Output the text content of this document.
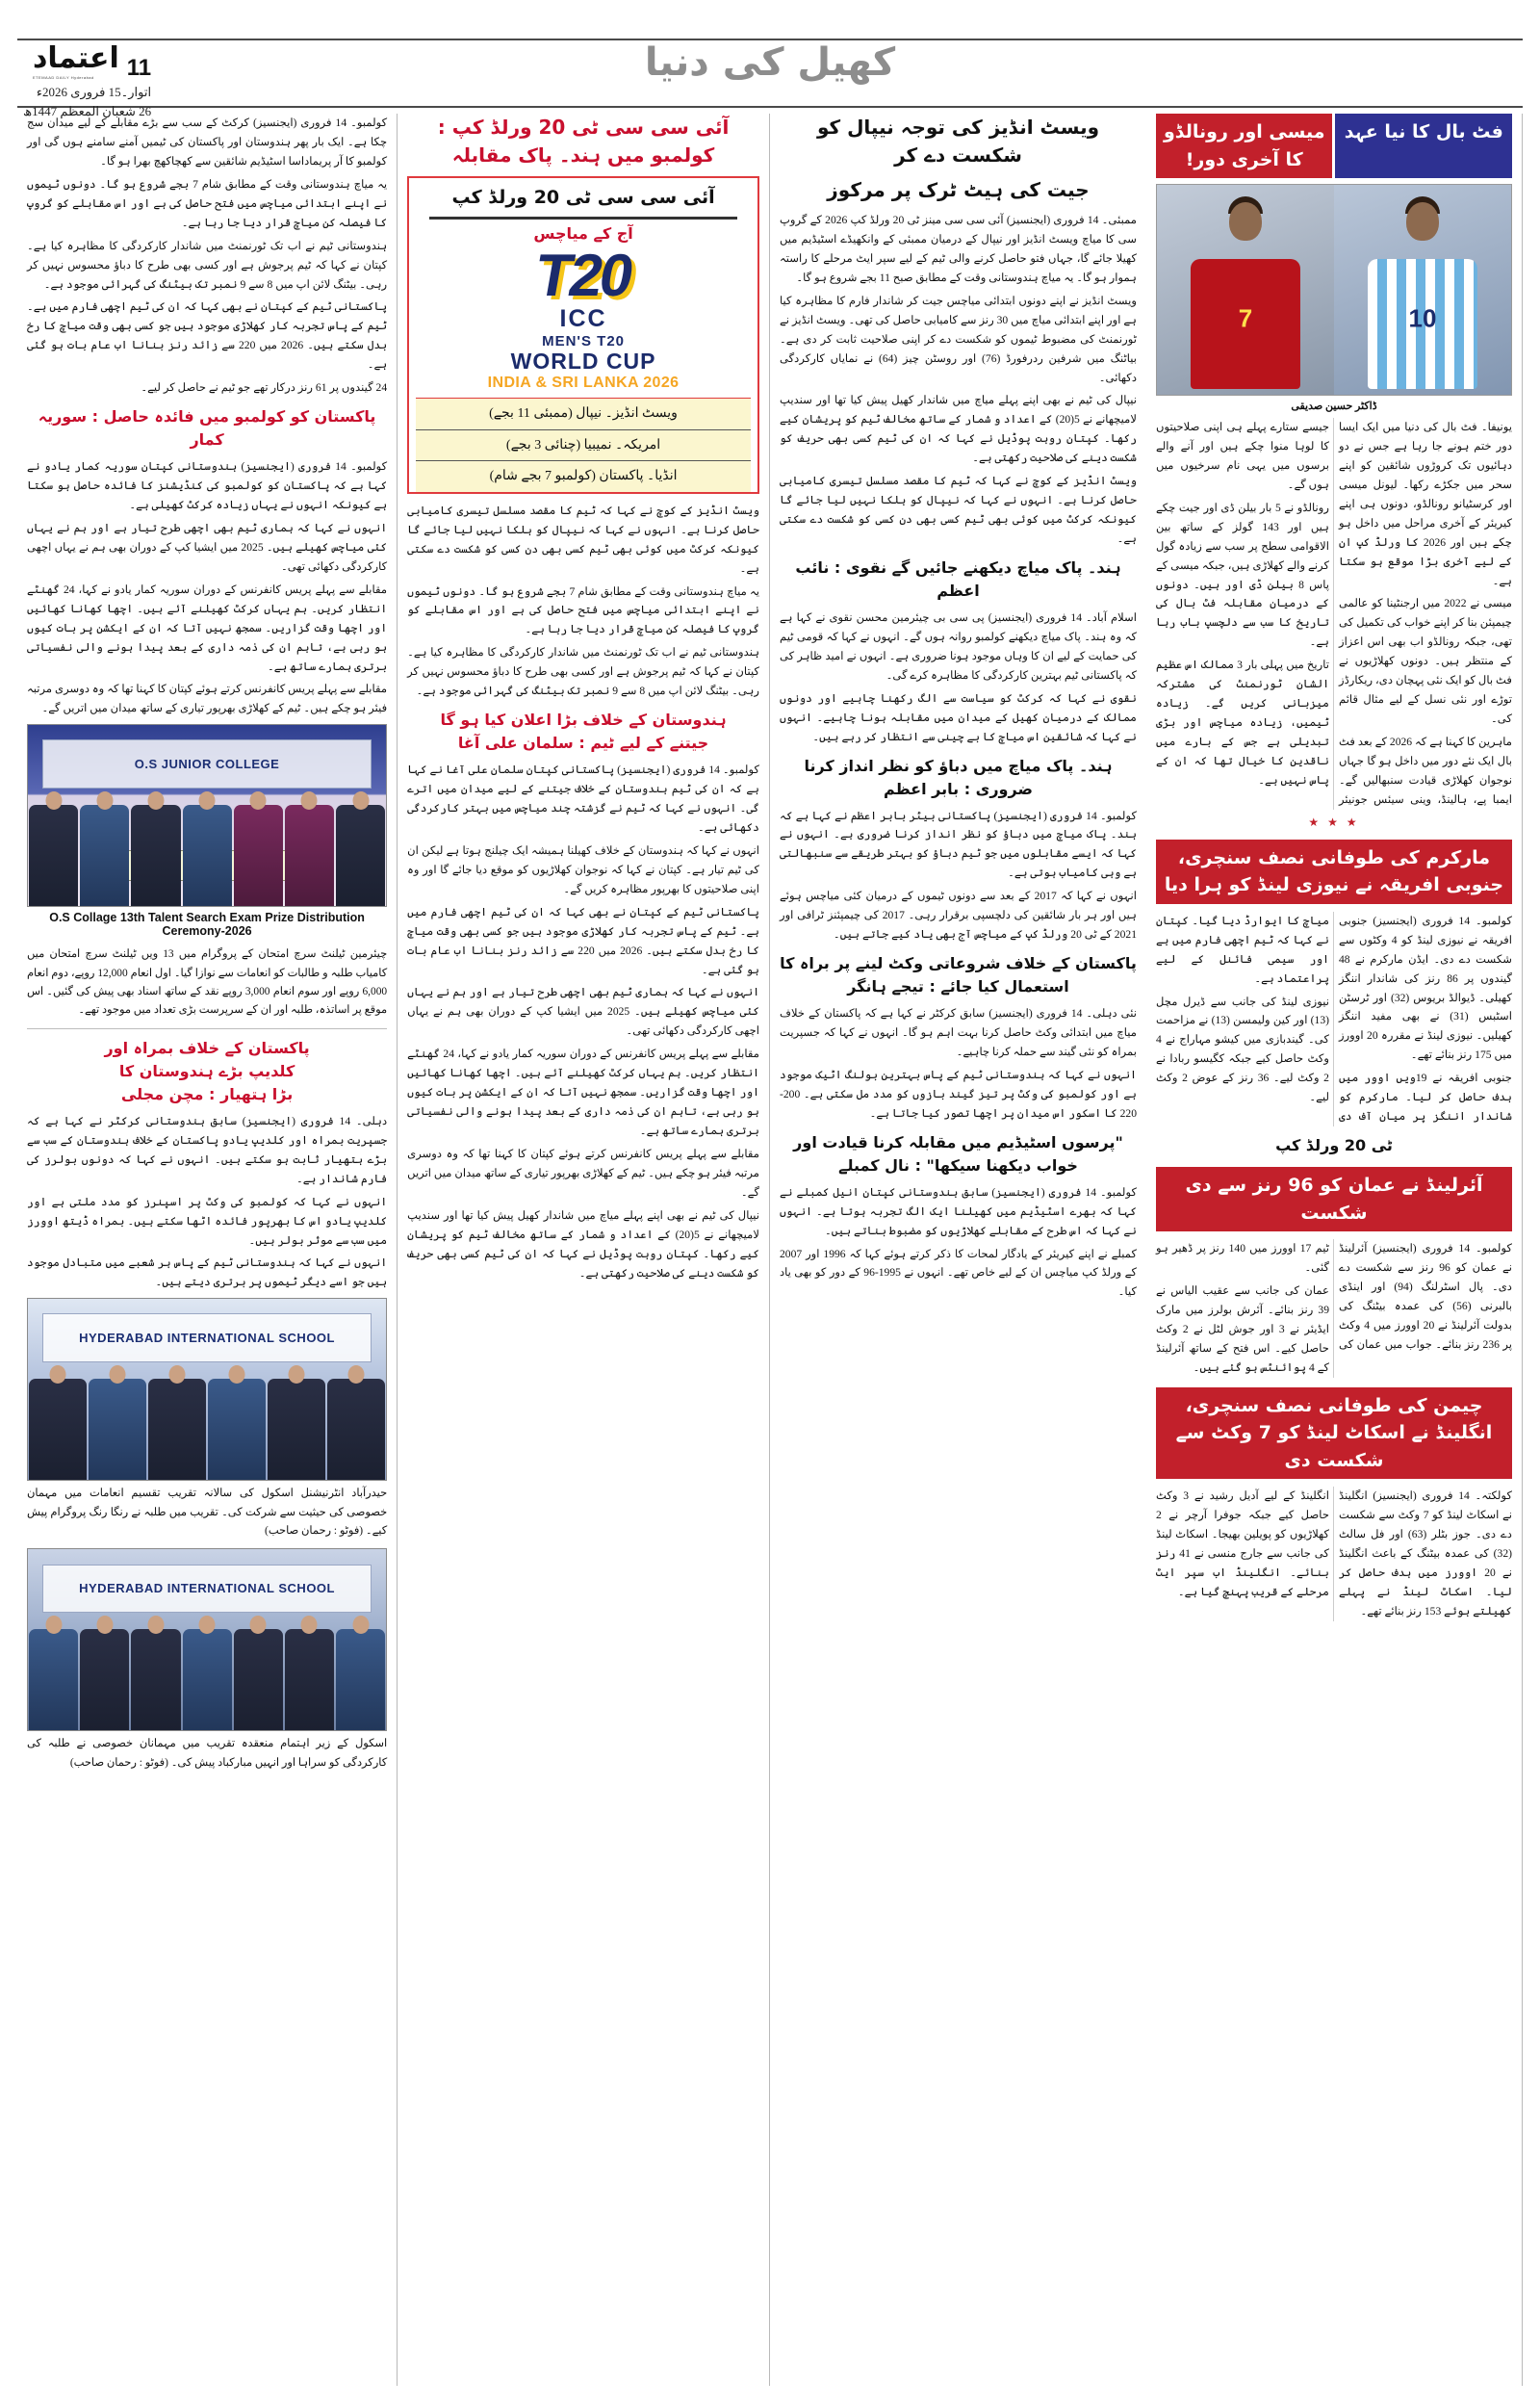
11
اعتماد
ETEMAAD DAILY Hyderabad
اتوار۔15 فروری 2026ء
26 شعبان المعظم 1447ھ
کھیل کی دنیا

کولمبو۔ 14 فروری (ایجنسیز) کرکٹ کے سب سے بڑے مقابلے کے لیے میدان سج چکا ہے۔ ایک بار پھر ہندوستان اور پاکستان کی ٹیمیں آمنے سامنے ہوں گی اور کولمبو کا آر پریماداسا اسٹیڈیم شائقین سے کھچاکھچ بھرا ہو گا۔

یہ میاچ ہندوستانی وقت کے مطابق شام 7 بجے شروع ہو گا۔ دونوں ٹیموں نے اپنے ابتدائی میاچس میں فتح حاصل کی ہے اور اس مقابلے کو گروپ کا فیصلہ کن میاچ قرار دیا جا رہا ہے۔

ہندوستانی ٹیم نے اب تک ٹورنمنٹ میں شاندار کارکردگی کا مظاہرہ کیا ہے۔ کپتان نے کہا کہ ٹیم پرجوش ہے اور کسی بھی طرح کا دباؤ محسوس نہیں کر رہی۔ بیٹنگ لائن اپ میں 8 سے 9 نمبر تک بیٹنگ کی گہرائی موجود ہے۔

پاکستانی ٹیم کے کپتان نے بھی کہا کہ ان کی ٹیم اچھی فارم میں ہے۔ ٹیم کے پاس تجربہ کار کھلاڑی موجود ہیں جو کسی بھی وقت میاچ کا رخ بدل سکتے ہیں۔ 2026 میں 220 سے زائد رنز بنانا اب عام بات ہو گئی ہے۔

24 گیندوں پر 61 رنز درکار تھے جو ٹیم نے حاصل کر لیے۔

پاکستان کو کولمبو میں فائدہ حاصل : سوریہ کمار

کولمبو۔ 14 فروری (ایجنسیز) ہندوستانی کپتان سوریہ کمار یادو نے کہا ہے کہ پاکستان کو کولمبو کی کنڈیشنز کا فائدہ حاصل ہو سکتا ہے کیونکہ انہوں نے یہاں زیادہ کرکٹ کھیلی ہے۔

انہوں نے کہا کہ ہماری ٹیم بھی اچھی طرح تیار ہے اور ہم نے یہاں کئی میاچس کھیلے ہیں۔ 2025 میں ایشیا کپ کے دوران بھی ہم نے یہاں اچھی کارکردگی دکھائی تھی۔

مقابلے سے پہلے پریس کانفرنس کے دوران سوریہ کمار یادو نے کہا، 24 گھنٹے انتظار کریں۔ ہم یہاں کرکٹ کھیلنے آئے ہیں۔ اچھا کھانا کھائیں اور اچھا وقت گزاریں۔ سمجھ نہیں آتا کہ ان کے ایکشن پر بات کیوں ہو رہی ہے، تاہم ان کی ذمہ داری کے بعد پیدا ہونے والی نفسیاتی برتری ہمارے ساتھ ہے۔

مقابلے سے پہلے پریس کانفرنس کرتے ہوئے کپتان کا کہنا تھا کہ وہ دوسری مرتبہ فیئر ہو چکے ہیں۔ ٹیم کے کھلاڑی بھرپور تیاری کے ساتھ میدان میں اتریں گے۔

O.S JUNIOR COLLEGE
O.S Collage 13th Talent Search Exam Prize Distribution Ceremony-2026
چیئرمین ٹیلنٹ سرچ امتحان کے پروگرام میں 13 ویں ٹیلنٹ سرچ امتحان میں کامیاب طلبہ و طالبات کو انعامات سے نوازا گیا۔ اول انعام 12,000 روپے، دوم انعام 6,000 روپے اور سوم انعام 3,000 روپے نقد کے ساتھ اسناد بھی پیش کی گئیں۔ اس موقع پر اساتذہ، طلبہ اور ان کے سرپرست بڑی تعداد میں موجود تھے۔
پاکستان کے خلاف بمراہ اور
کلدیپ بڑے ہندوستان کا
بڑا ہتھیار : مچن مجلی

دہلی۔ 14 فروری (ایجنسیز) سابق ہندوستانی کرکٹر نے کہا ہے کہ جسپریت بمراہ اور کلدیپ یادو پاکستان کے خلاف ہندوستان کے سب سے بڑے ہتھیار ثابت ہو سکتے ہیں۔ انہوں نے کہا کہ دونوں بولرز کی فارم شاندار ہے۔

انہوں نے کہا کہ کولمبو کی وکٹ پر اسپنرز کو مدد ملتی ہے اور کلدیپ یادو اس کا بھرپور فائدہ اٹھا سکتے ہیں۔ بمراہ ڈیتھ اوورز میں سب سے موثر بولر ہیں۔

انہوں نے کہا کہ ہندوستانی ٹیم کے پاس ہر شعبے میں متبادل موجود ہیں جو اسے دیگر ٹیموں پر برتری دیتے ہیں۔

HYDERABAD INTERNATIONAL SCHOOL
حیدرآباد انٹرنیشنل اسکول کی سالانہ تقریب تقسیم انعامات میں مہمان خصوصی کی حیثیت سے شرکت کی۔ تقریب میں طلبہ نے رنگا رنگ پروگرام پیش کیے۔ (فوٹو : رحمان صاحب)
HYDERABAD INTERNATIONAL SCHOOL
اسکول کے زیر اہتمام منعقدہ تقریب میں مہمانان خصوصی نے طلبہ کی کارکردگی کو سراہا اور انہیں مبارکباد پیش کی۔ (فوٹو : رحمان صاحب)
آئی سی سی ٹی 20 ورلڈ کپ : کولمبو میں ہند۔ پاک مقابلہ
آئی سی سی ٹی 20 ورلڈ کپ
آج کے میاچس
T20
ICC
MEN'S T20
WORLD CUP
INDIA & SRI LANKA 2026
ویسٹ انڈیز۔ نیپال (ممبئی 11 بجے)
امریکہ۔ نمیبیا (چنائی 3 بجے)
انڈیا۔ پاکستان (کولمبو 7 بجے شام)

ویسٹ انڈیز کے کوچ نے کہا کہ ٹیم کا مقصد مسلسل تیسری کامیابی حاصل کرنا ہے۔ انہوں نے کہا کہ نیپال کو ہلکا نہیں لیا جائے گا کیونکہ کرکٹ میں کوئی بھی ٹیم کسی بھی دن کسی کو شکست دے سکتی ہے۔

یہ میاچ ہندوستانی وقت کے مطابق شام 7 بجے شروع ہو گا۔ دونوں ٹیموں نے اپنے ابتدائی میاچس میں فتح حاصل کی ہے اور اس مقابلے کو گروپ کا فیصلہ کن میاچ قرار دیا جا رہا ہے۔

ہندوستانی ٹیم نے اب تک ٹورنمنٹ میں شاندار کارکردگی کا مظاہرہ کیا ہے۔ کپتان نے کہا کہ ٹیم پرجوش ہے اور کسی بھی طرح کا دباؤ محسوس نہیں کر رہی۔ بیٹنگ لائن اپ میں 8 سے 9 نمبر تک بیٹنگ کی گہرائی موجود ہے۔

ہندوستان کے خلاف بڑا اعلان کیا ہو گا
جیتنے کے لیے ٹیم : سلمان علی آغا

کولمبو۔ 14 فروری (ایجنسیز) پاکستانی کپتان سلمان علی آغا نے کہا ہے کہ ان کی ٹیم ہندوستان کے خلاف جیتنے کے لیے میدان میں اترے گی۔ انہوں نے کہا کہ ٹیم نے گزشتہ چند میاچس میں بہتر کارکردگی دکھائی ہے۔

انہوں نے کہا کہ ہندوستان کے خلاف کھیلنا ہمیشہ ایک چیلنج ہوتا ہے لیکن ان کی ٹیم تیار ہے۔ کپتان نے کہا کہ نوجوان کھلاڑیوں کو موقع دیا جائے گا اور وہ اپنی صلاحیتوں کا بھرپور مظاہرہ کریں گے۔

پاکستانی ٹیم کے کپتان نے بھی کہا کہ ان کی ٹیم اچھی فارم میں ہے۔ ٹیم کے پاس تجربہ کار کھلاڑی موجود ہیں جو کسی بھی وقت میاچ کا رخ بدل سکتے ہیں۔ 2026 میں 220 سے زائد رنز بنانا اب عام بات ہو گئی ہے۔

انہوں نے کہا کہ ہماری ٹیم بھی اچھی طرح تیار ہے اور ہم نے یہاں کئی میاچس کھیلے ہیں۔ 2025 میں ایشیا کپ کے دوران بھی ہم نے یہاں اچھی کارکردگی دکھائی تھی۔

مقابلے سے پہلے پریس کانفرنس کے دوران سوریہ کمار یادو نے کہا، 24 گھنٹے انتظار کریں۔ ہم یہاں کرکٹ کھیلنے آئے ہیں۔ اچھا کھانا کھائیں اور اچھا وقت گزاریں۔ سمجھ نہیں آتا کہ ان کے ایکشن پر بات کیوں ہو رہی ہے، تاہم ان کی ذمہ داری کے بعد پیدا ہونے والی نفسیاتی برتری ہمارے ساتھ ہے۔

مقابلے سے پہلے پریس کانفرنس کرتے ہوئے کپتان کا کہنا تھا کہ وہ دوسری مرتبہ فیئر ہو چکے ہیں۔ ٹیم کے کھلاڑی بھرپور تیاری کے ساتھ میدان میں اتریں گے۔

نیپال کی ٹیم نے بھی اپنے پہلے میاچ میں شاندار کھیل پیش کیا تھا اور سندیپ لامیچھانے نے 5(20) کے اعداد و شمار کے ساتھ مخالف ٹیم کو پریشان کیے رکھا۔ کپتان روہت پوڈیل نے کہا کہ ان کی ٹیم کسی بھی حریف کو شکست دینے کی صلاحیت رکھتی ہے۔

ویسٹ انڈیز کی توجہ نیپال کو شکست دے کر
جیت کی ہیٹ ٹرک پر مرکوز

ممبئی۔ 14 فروری (ایجنسیز) آئی سی سی مینز ٹی 20 ورلڈ کپ 2026 کے گروپ سی کا میاچ ویسٹ انڈیز اور نیپال کے درمیان ممبئی کے وانکھیڈے اسٹیڈیم میں کھیلا جائے گا، جہاں فتو حاصل کرنے والی ٹیم کے لیے سپر ایٹ مرحلے کا راستہ ہموار ہو گا۔ یہ میاچ ہندوستانی وقت کے مطابق صبح 11 بجے شروع ہو گا۔

ویسٹ انڈیز نے اپنے دونوں ابتدائی میاچس جیت کر شاندار فارم کا مظاہرہ کیا ہے اور اپنے ابتدائی میاچ میں 30 رنز سے کامیابی حاصل کی تھی۔ ویسٹ انڈیز نے ٹورنمنٹ کی مضبوط ٹیموں کو شکست دے کر اپنی صلاحیت ثابت کر دی ہے۔ بیاٹنگ میں شرفین ردرفورڈ (76) اور روسٹن چیز (64) نے نمایاں کارکردگی دکھائی۔

نیپال کی ٹیم نے بھی اپنے پہلے میاچ میں شاندار کھیل پیش کیا تھا اور سندیپ لامیچھانے نے 5(20) کے اعداد و شمار کے ساتھ مخالف ٹیم کو پریشان کیے رکھا۔ کپتان روہت پوڈیل نے کہا کہ ان کی ٹیم کسی بھی حریف کو شکست دینے کی صلاحیت رکھتی ہے۔

ویسٹ انڈیز کے کوچ نے کہا کہ ٹیم کا مقصد مسلسل تیسری کامیابی حاصل کرنا ہے۔ انہوں نے کہا کہ نیپال کو ہلکا نہیں لیا جائے گا کیونکہ کرکٹ میں کوئی بھی ٹیم کسی بھی دن کسی کو شکست دے سکتی ہے۔

ہند۔ پاک میاچ دیکھنے جائیں گے نقوی : نائب اعظم

اسلام آباد۔ 14 فروری (ایجنسیز) پی سی بی چیئرمین محسن نقوی نے کہا ہے کہ وہ ہند۔ پاک میاچ دیکھنے کولمبو روانہ ہوں گے۔ انہوں نے کہا کہ قومی ٹیم کی حمایت کے لیے ان کا وہاں موجود ہونا ضروری ہے۔ انہوں نے امید ظاہر کی کہ پاکستانی ٹیم بہترین کارکردگی کا مظاہرہ کرے گی۔

نقوی نے کہا کہ کرکٹ کو سیاست سے الگ رکھنا چاہیے اور دونوں ممالک کے درمیان کھیل کے میدان میں مقابلہ ہونا چاہیے۔ انہوں نے کہا کہ شائقین اس میاچ کا بے چینی سے انتظار کر رہے ہیں۔

ہند۔ پاک میاچ میں دباؤ کو نظر انداز کرنا ضروری : بابر اعظم

کولمبو۔ 14 فروری (ایجنسیز) پاکستانی بیٹر بابر اعظم نے کہا ہے کہ ہند۔ پاک میاچ میں دباؤ کو نظر انداز کرنا ضروری ہے۔ انہوں نے کہا کہ ایسے مقابلوں میں جو ٹیم دباؤ کو بہتر طریقے سے سنبھالتی ہے وہی کامیاب ہوتی ہے۔

انہوں نے کہا کہ 2017 کے بعد سے دونوں ٹیموں کے درمیان کئی میاچس ہوئے ہیں اور ہر بار شائقین کی دلچسپی برقرار رہی۔ 2017 کی چیمپئنز ٹرافی اور 2021 کے ٹی 20 ورلڈ کپ کے میاچس آج بھی یاد کیے جاتے ہیں۔

پاکستان کے خلاف شروعاتی وکٹ لینے پر براہ کا استعمال کیا جائے : تیجے ہانگر

نئی دہلی۔ 14 فروری (ایجنسیز) سابق کرکٹر نے کہا ہے کہ پاکستان کے خلاف میاچ میں ابتدائی وکٹ حاصل کرنا بہت اہم ہو گا۔ انہوں نے کہا کہ جسپریت بمراہ کو نئی گیند سے حملہ کرنا چاہیے۔

انہوں نے کہا کہ ہندوستانی ٹیم کے پاس بہترین بولنگ اٹیک موجود ہے اور کولمبو کی وکٹ پر تیز گیند بازوں کو مدد مل سکتی ہے۔ 200-220 کا اسکور اس میدان پر اچھا تصور کیا جاتا ہے۔

"پرسوں اسٹیڈیم میں مقابلہ کرنا قیادت اور خواب دیکھنا سیکھا" : نال کمبلے

کولمبو۔ 14 فروری (ایجنسیز) سابق ہندوستانی کپتان انیل کمبلے نے کہا کہ بھرے اسٹیڈیم میں کھیلنا ایک الگ تجربہ ہوتا ہے۔ انہوں نے کہا کہ اس طرح کے مقابلے کھلاڑیوں کو مضبوط بناتے ہیں۔

کمبلے نے اپنے کیریئر کے یادگار لمحات کا ذکر کرتے ہوئے کہا کہ 1996 اور 2007 کے ورلڈ کپ میاچس ان کے لیے خاص تھے۔ انہوں نے 1995-96 کے دور کو بھی یاد کیا۔

میسی اور رونالڈو کا آخری دور!
فٹ بال کا نیا عہد
10
7
ڈاکٹر حسین صدیقی

یونیفا۔ فٹ بال کی دنیا میں ایک ایسا دور ختم ہونے جا رہا ہے جس نے دو دہائیوں تک کروڑوں شائقین کو اپنے سحر میں جکڑے رکھا۔ لیونل میسی اور کرسٹیانو رونالڈو، دونوں ہی اپنے کیریئر کے آخری مراحل میں داخل ہو چکے ہیں اور 2026 کا ورلڈ کپ ان کے لیے آخری بڑا موقع ہو سکتا ہے۔

میسی نے 2022 میں ارجنٹینا کو عالمی چیمپئن بنا کر اپنے خواب کی تکمیل کی تھی، جبکہ رونالڈو اب بھی اس اعزاز کے منتظر ہیں۔ دونوں کھلاڑیوں نے فٹ بال کو ایک نئی پہچان دی، ریکارڈز توڑے اور نئی نسل کے لیے مثال قائم کی۔

ماہرین کا کہنا ہے کہ 2026 کے بعد فٹ بال ایک نئے دور میں داخل ہو گا جہاں نوجوان کھلاڑی قیادت سنبھالیں گے۔ ایمبا پے، ہالینڈ، وینی سیئس جونیئر جیسے ستارے پہلے ہی اپنی صلاحیتوں کا لوہا منوا چکے ہیں اور آنے والے برسوں میں یہی نام سرخیوں میں ہوں گے۔

رونالڈو نے 5 بار بیلن ڈی اور جیت چکے ہیں اور 143 گولز کے ساتھ بین الاقوامی سطح پر سب سے زیادہ گول کرنے والے کھلاڑی ہیں، جبکہ میسی کے پاس 8 بیلن ڈی اور ہیں۔ دونوں کے درمیان مقابلہ فٹ بال کی تاریخ کا سب سے دلچسپ باب رہا ہے۔

تاریخ میں پہلی بار 3 ممالک اس عظیم الشان ٹورنمنٹ کی مشترکہ میزبانی کریں گے۔ زیادہ ٹیمیں، زیادہ میاچس اور بڑی تبدیلی ہے جس کے بارے میں ناقدین کا خیال تھا کہ ان کے پاس نہیں ہے۔

★ ★ ★
مارکرم کی طوفانی نصف سنچری، جنوبی افریقہ نے نیوزی لینڈ کو ہرا دیا

کولمبو۔ 14 فروری (ایجنسیز) جنوبی افریقہ نے نیوزی لینڈ کو 4 وکٹوں سے شکست دے دی۔ ایڈن مارکرم نے 48 گیندوں پر 86 رنز کی شاندار اننگز کھیلی۔ ڈیوالڈ بریوس (32) اور ٹرسٹن اسٹبس (31) نے بھی مفید اننگز کھیلیں۔ نیوزی لینڈ نے مقررہ 20 اوورز میں 175 رنز بنائے تھے۔

جنوبی افریقہ نے 19ویں اوور میں ہدف حاصل کر لیا۔ مارکرم کو شاندار اننگز پر میان آف دی میاچ کا ایوارڈ دیا گیا۔ کپتان نے کہا کہ ٹیم اچھی فارم میں ہے اور سیمی فائنل کے لیے پراعتماد ہے۔

نیوزی لینڈ کی جانب سے ڈیرل مچل (13) اور کین ولیمسن (13) نے مزاحمت کی۔ گیندبازی میں کیشو مہاراج نے 4 وکٹ حاصل کیے جبکہ کگیسو ربادا نے 2 وکٹ لیے۔ 36 رنز کے عوض 2 وکٹ لیے۔

ٹی 20 ورلڈ کپ
آئرلینڈ نے عمان کو 96 رنز سے دی شکست

کولمبو۔ 14 فروری (ایجنسیز) آئرلینڈ نے عمان کو 96 رنز سے شکست دے دی۔ پال اسٹرلنگ (94) اور اینڈی بالبرنی (56) کی عمدہ بیٹنگ کی بدولت آئرلینڈ نے 20 اوورز میں 4 وکٹ پر 236 رنز بنائے۔ جواب میں عمان کی ٹیم 17 اوورز میں 140 رنز پر ڈھیر ہو گئی۔

عمان کی جانب سے عقیب الیاس نے 39 رنز بنائے۔ آئرش بولرز میں مارک ایڈیئر نے 3 اور جوش لٹل نے 2 وکٹ حاصل کیے۔ اس فتح کے ساتھ آئرلینڈ کے 4 پوائنٹس ہو گئے ہیں۔

چیمن کی طوفانی نصف سنچری، انگلینڈ نے اسکاٹ لینڈ کو 7 وکٹ سے شکست دی

کولکتہ۔ 14 فروری (ایجنسیز) انگلینڈ نے اسکاٹ لینڈ کو 7 وکٹ سے شکست دے دی۔ جوز بٹلر (63) اور فل سالٹ (32) کی عمدہ بیٹنگ کے باعث انگلینڈ نے 20 اوورز میں ہدف حاصل کر لیا۔ اسکاٹ لینڈ نے پہلے کھیلتے ہوئے 153 رنز بنائے تھے۔

انگلینڈ کے لیے آدیل رشید نے 3 وکٹ حاصل کیے جبکہ جوفرا آرچر نے 2 کھلاڑیوں کو پویلین بھیجا۔ اسکاٹ لینڈ کی جانب سے جارج منسی نے 41 رنز بنائے۔ انگلینڈ اب سپر ایٹ مرحلے کے قریب پہنچ گیا ہے۔
